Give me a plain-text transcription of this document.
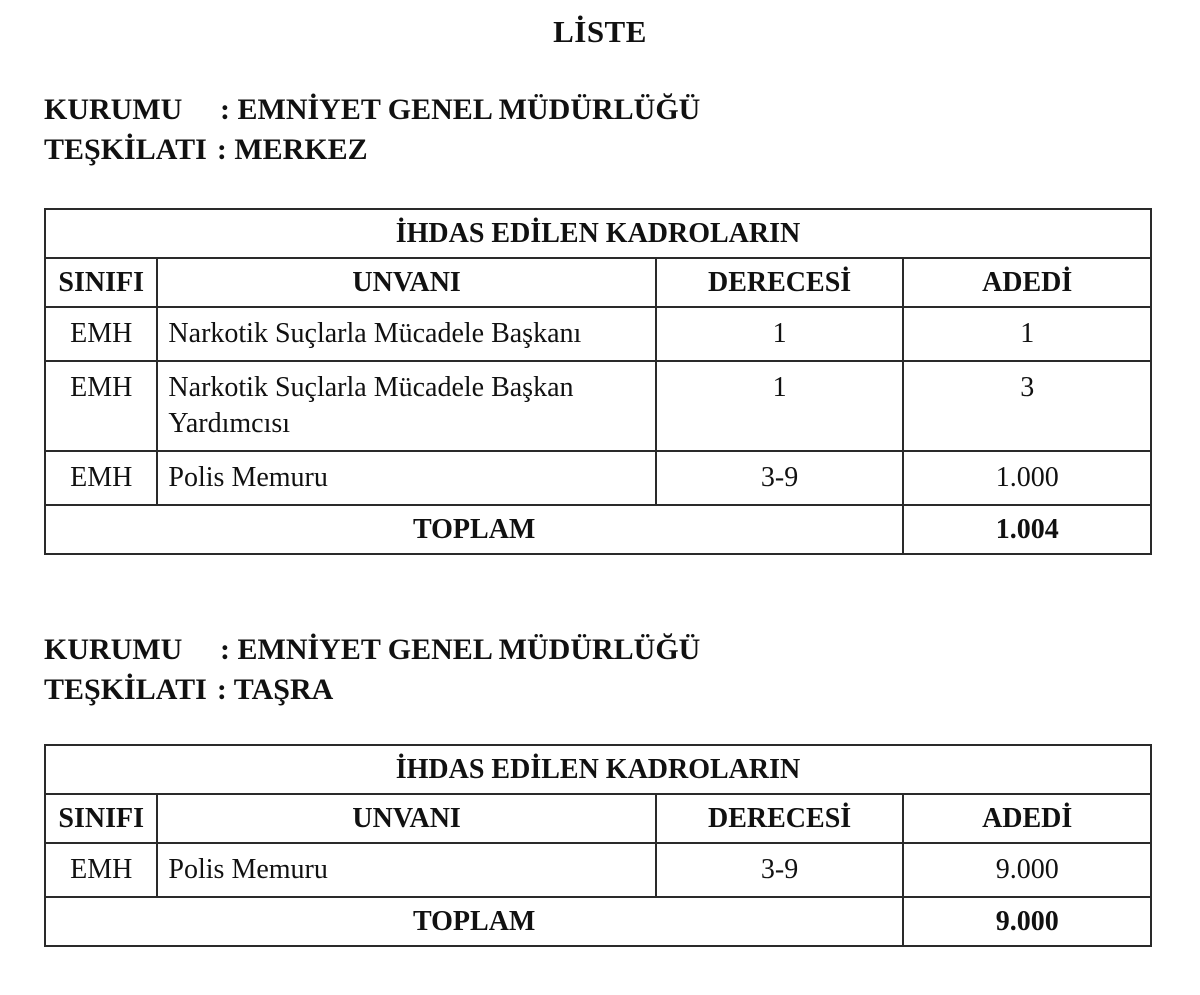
LİSTE
KURUMU : EMNİYET GENEL MÜDÜRLÜĞÜ
TEŞKİLATI : MERKEZ
İHDAS EDİLEN KADROLARIN			
SINIFI	UNVANI	DERECESİ	ADEDİ
EMH	Narkotik Suçlarla Mücadele Başkanı	1	1
EMH	Narkotik Suçlarla Mücadele Başkan Yardımcısı	1	3
EMH	Polis Memuru	3-9	1.000
TOPLAM			1.004
KURUMU : EMNİYET GENEL MÜDÜRLÜĞÜ
TEŞKİLATI : TAŞRA
İHDAS EDİLEN KADROLARIN			
SINIFI	UNVANI	DERECESİ	ADEDİ
EMH	Polis Memuru	3-9	9.000
TOPLAM			9.000
